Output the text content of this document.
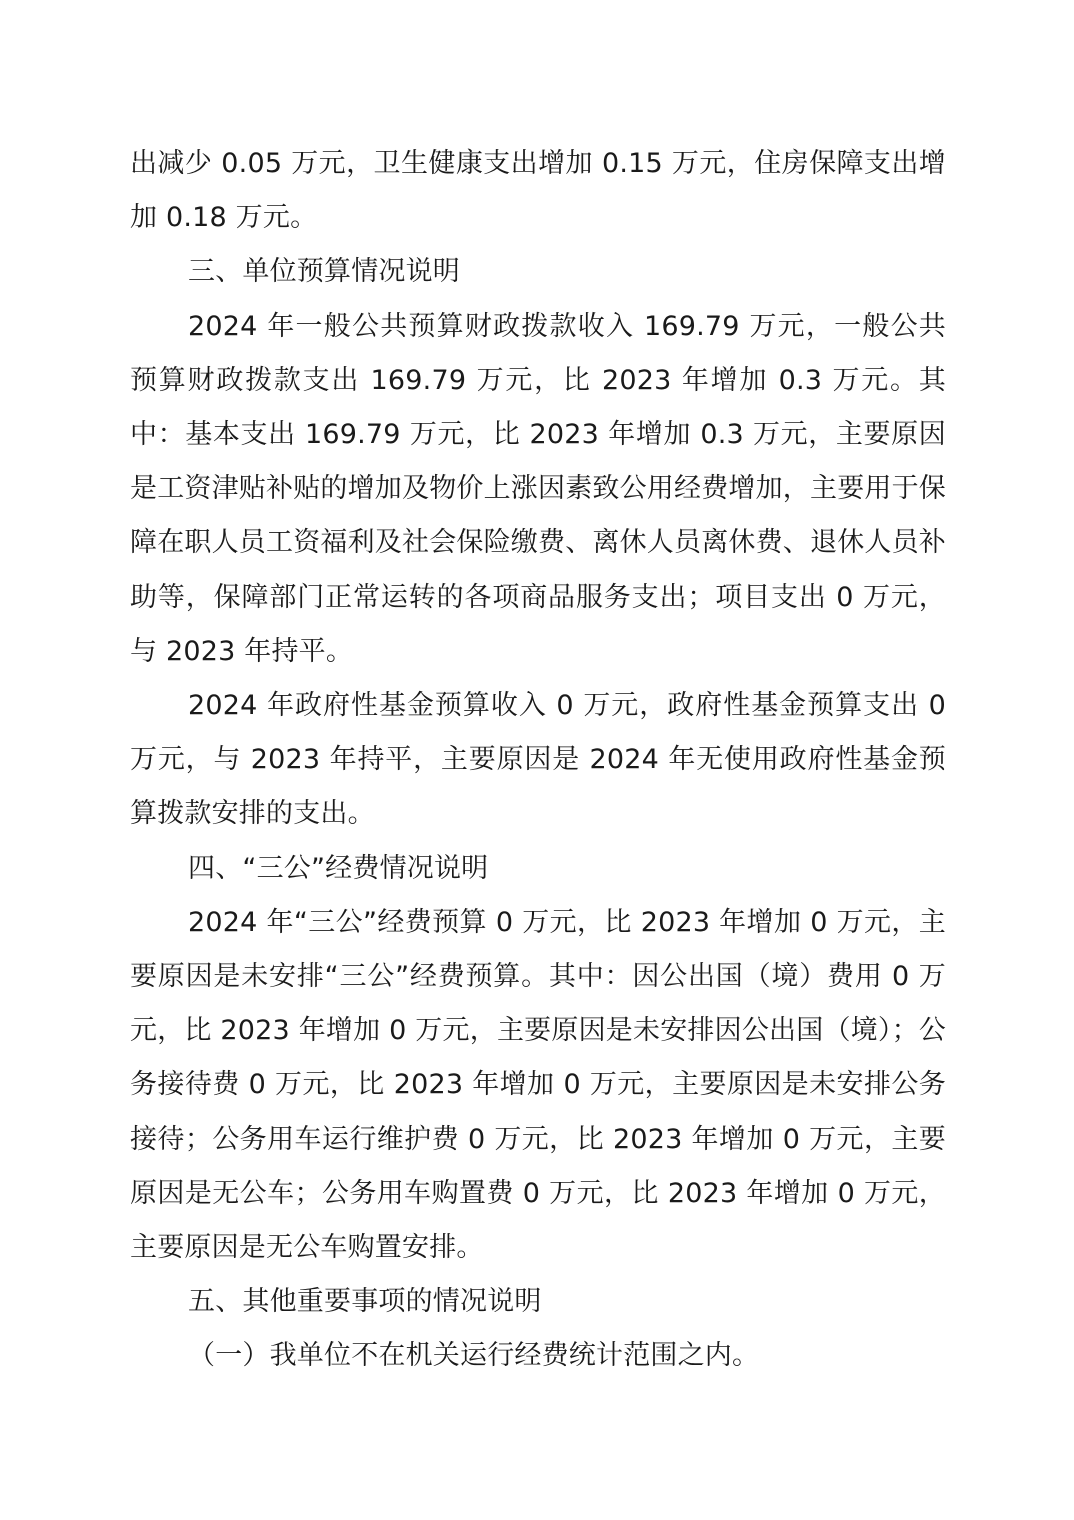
出减少 0.05 万元，卫生健康支出增加 0.15 万元，住房保障支出增加 0.18 万元。

三、单位预算情况说明

2024 年一般公共预算财政拨款收入 169.79 万元，一般公共预算财政拨款支出 169.79 万元，比 2023 年增加 0.3 万元。其中：基本支出 169.79 万元，比 2023 年增加 0.3 万元，主要原因是工资津贴补贴的增加及物价上涨因素致公用经费增加，主要用于保障在职人员工资福利及社会保险缴费、离休人员离休费、退休人员补助等，保障部门正常运转的各项商品服务支出；项目支出 0 万元，与 2023 年持平。

2024 年政府性基金预算收入 0 万元，政府性基金预算支出 0 万元，与 2023 年持平，主要原因是 2024 年无使用政府性基金预算拨款安排的支出。

四、“三公”经费情况说明

2024 年“三公”经费预算 0 万元，比 2023 年增加 0 万元，主要原因是未安排“三公”经费预算。其中：因公出国（境）费用 0 万元，比 2023 年增加 0 万元，主要原因是未安排因公出国（境）；公务接待费 0 万元，比 2023 年增加 0 万元，主要原因是未安排公务接待；公务用车运行维护费 0 万元，比 2023 年增加 0 万元，主要原因是无公车；公务用车购置费 0 万元，比 2023 年增加 0 万元，主要原因是无公车购置安排。

五、其他重要事项的情况说明

（一）我单位不在机关运行经费统计范围之内。
